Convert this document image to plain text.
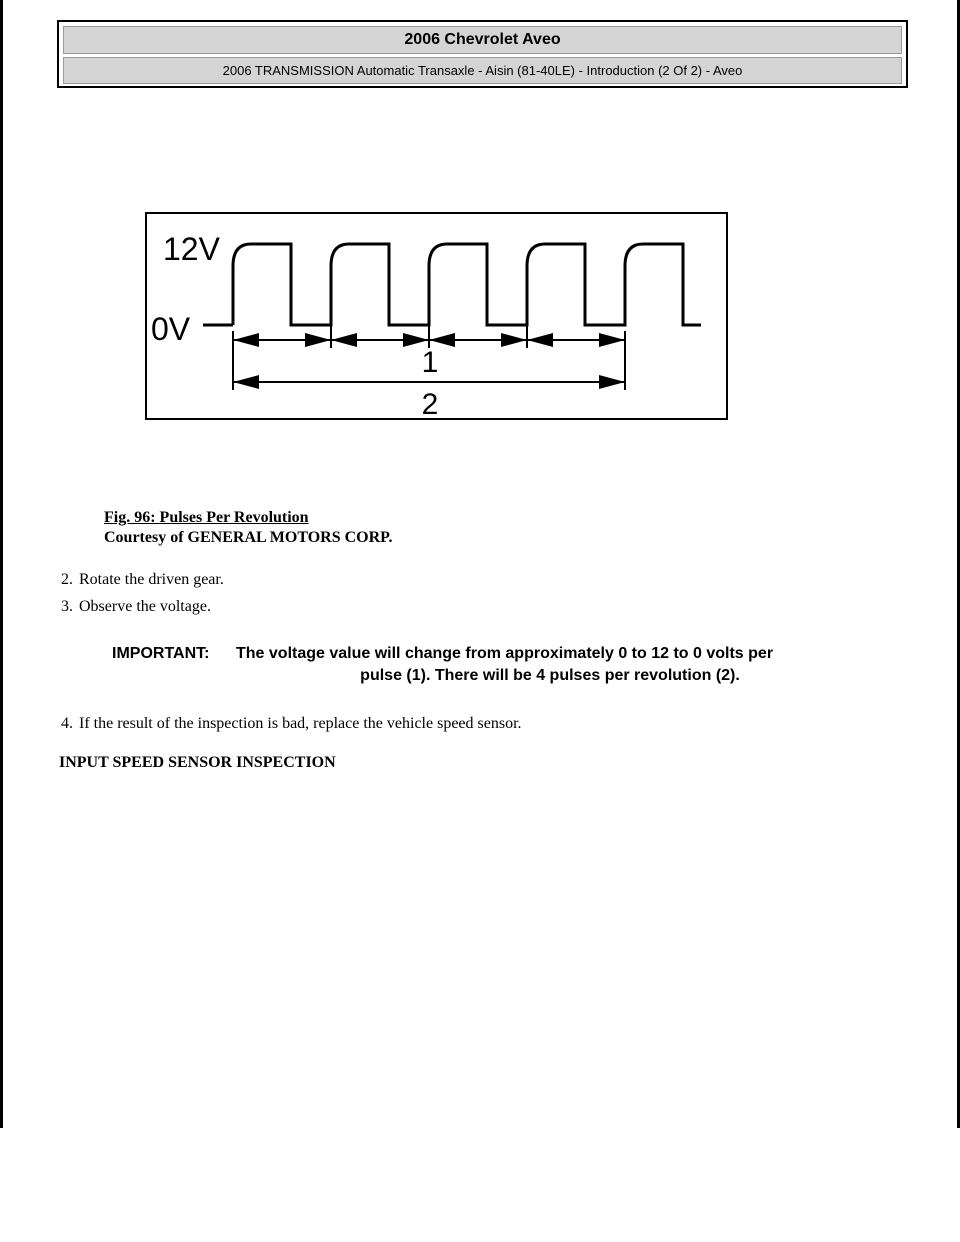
2006 Chevrolet Aveo
2006 TRANSMISSION Automatic Transaxle - Aisin (81-40LE) - Introduction (2 Of 2) - Aveo
12V
0V
1
2
Fig. 96: Pulses Per Revolution
Courtesy of GENERAL MOTORS CORP.
2. Rotate the driven gear.
3. Observe the voltage.
IMPORTANT: The voltage value will change from approximately 0 to 12 to 0 volts per
pulse (1). There will be 4 pulses per revolution (2).
4. If the result of the inspection is bad, replace the vehicle speed sensor.
INPUT SPEED SENSOR INSPECTION
